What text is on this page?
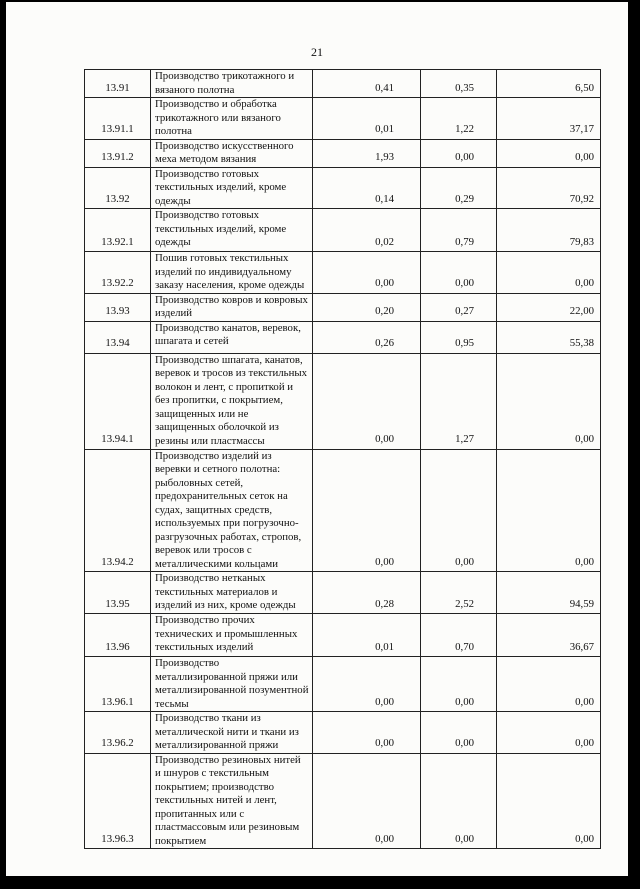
21
13.91	Производство трикотажного и вязаного полотна	0,41	0,35	6,50
13.91.1	Производство и обработка трикотажного или вязаного полотна	0,01	1,22	37,17
13.91.2	Производство искусственного меха методом вязания	1,93	0,00	0,00
13.92	Производство готовых текстильных изделий, кроме одежды	0,14	0,29	70,92
13.92.1	Производство готовых текстильных изделий, кроме одежды	0,02	0,79	79,83
13.92.2	Пошив готовых текстильных изделий по индивидуальному заказу населения, кроме одежды	0,00	0,00	0,00
13.93	Производство ковров и ковровых изделий	0,20	0,27	22,00
13.94	Производство канатов, веревок, шпагата и сетей	0,26	0,95	55,38
13.94.1	Производство шпагата, канатов, веревок и тросов из текстильных волокон и лент, с пропиткой и без пропитки, с покрытием, защищенных или не защищенных оболочкой из резины или пластмассы	0,00	1,27	0,00
13.94.2	Производство изделий из веревки и сетного полотна: рыболовных сетей, предохранительных сеток на судах, защитных средств, используемых при погрузочно-разгрузочных работах, стропов, веревок или тросов с металлическими кольцами	0,00	0,00	0,00
13.95	Производство нетканых текстильных материалов и изделий из них, кроме одежды	0,28	2,52	94,59
13.96	Производство прочих технических и промышленных текстильных изделий	0,01	0,70	36,67
13.96.1	Производство металлизированной пряжи или металлизированной позументной тесьмы	0,00	0,00	0,00
13.96.2	Производство ткани из металлической нити и ткани из металлизированной пряжи	0,00	0,00	0,00
13.96.3	Производство резиновых нитей и шнуров с текстильным покрытием; производство текстильных нитей и лент, пропитанных или с пластмассовым или резиновым покрытием	0,00	0,00	0,00
